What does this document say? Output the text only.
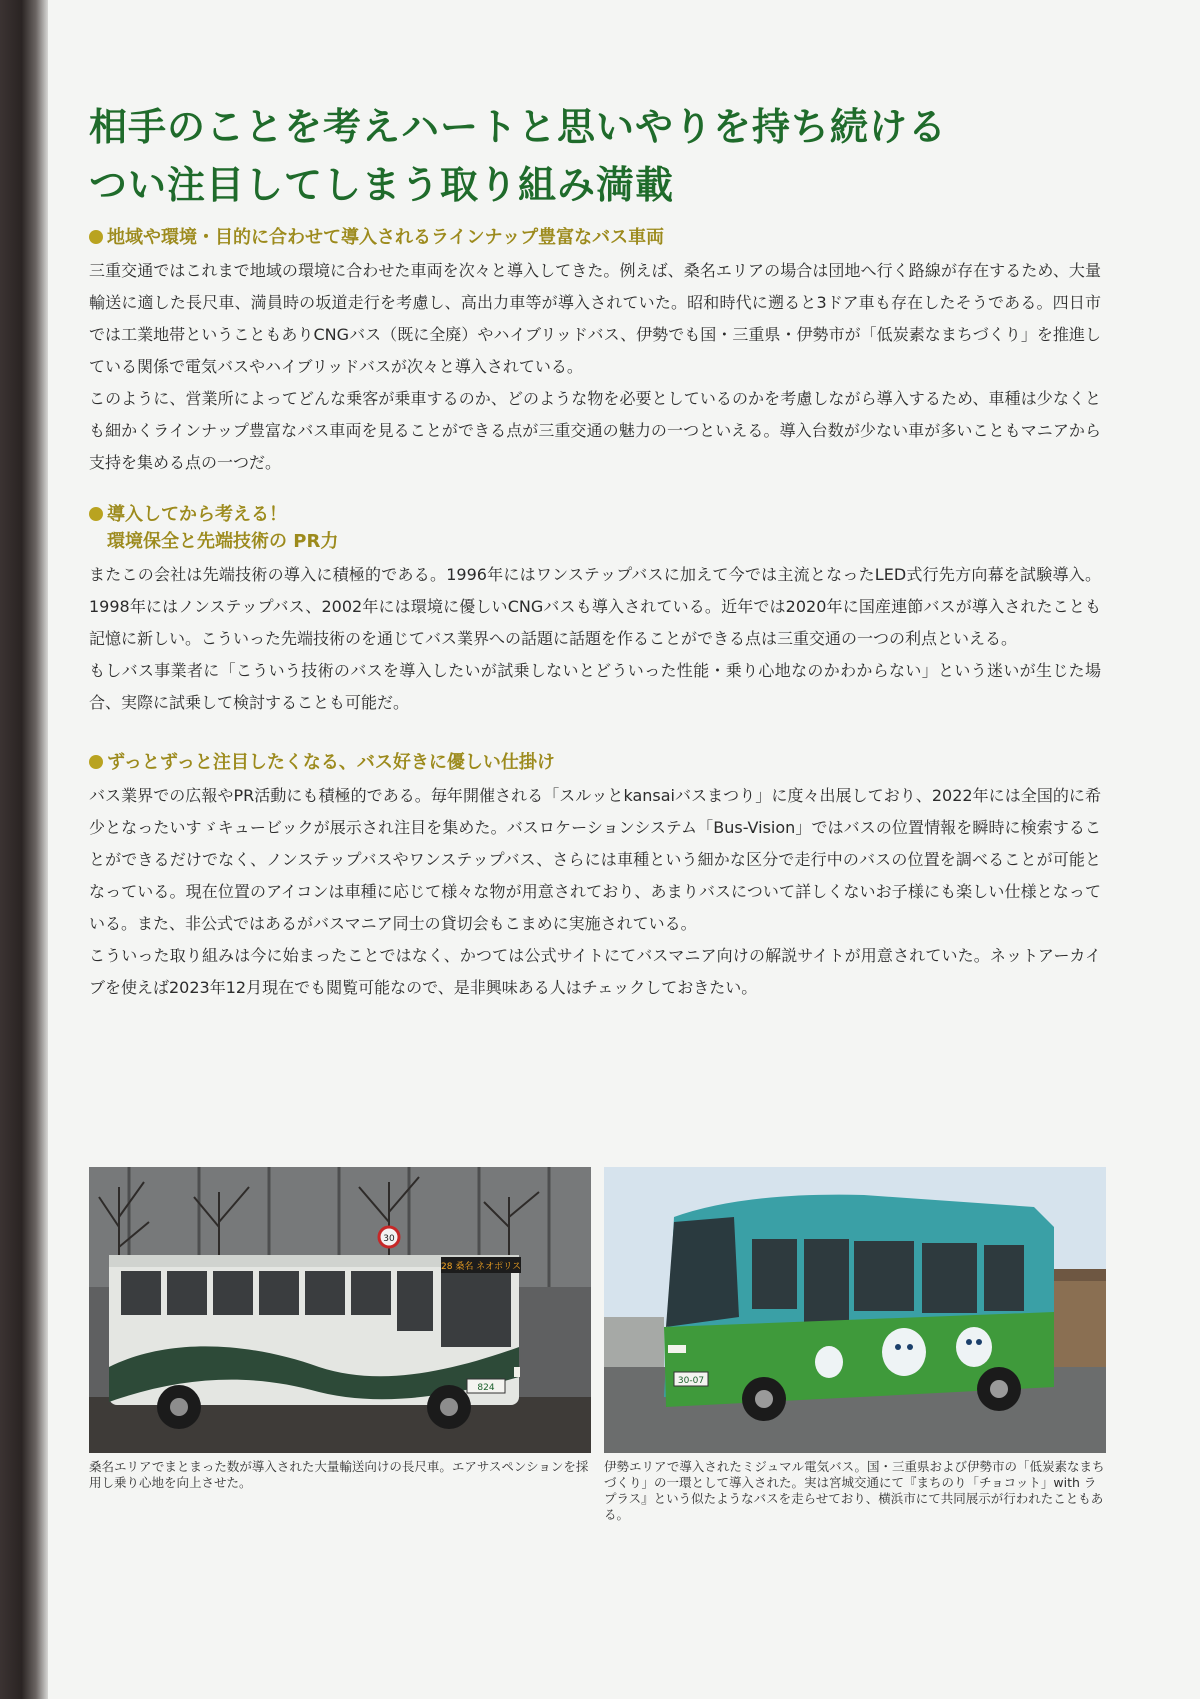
相手のことを考えハートと思いやりを持ち続ける
つい注目してしまう取り組み満載
地域や環境・目的に合わせて導入されるラインナップ豊富なバス車両

三重交通ではこれまで地域の環境に合わせた車両を次々と導入してきた。例えば、桑名エリアの場合は団地へ行く路線が存在するため、大量輸送に適した長尺車、満員時の坂道走行を考慮し、高出力車等が導入されていた。昭和時代に遡ると3ドア車も存在したそうである。四日市では工業地帯ということもありCNGバス（既に全廃）やハイブリッドバス、伊勢でも国・三重県・伊勢市が「低炭素なまちづくり」を推進している関係で電気バスやハイブリッドバスが次々と導入されている。

このように、営業所によってどんな乗客が乗車するのか、どのような物を必要としているのかを考慮しながら導入するため、車種は少なくとも細かくラインナップ豊富なバス車両を見ることができる点が三重交通の魅力の一つといえる。導入台数が少ない車が多いこともマニアから支持を集める点の一つだ。

導入してから考える！
環境保全と先端技術の PR力

またこの会社は先端技術の導入に積極的である。1996年にはワンステップバスに加えて今では主流となったLED式行先方向幕を試験導入。1998年にはノンステップバス、2002年には環境に優しいCNGバスも導入されている。近年では2020年に国産連節バスが導入されたことも記憶に新しい。こういった先端技術のを通じてバス業界への話題に話題を作ることができる点は三重交通の一つの利点といえる。

もしバス事業者に「こういう技術のバスを導入したいが試乗しないとどういった性能・乗り心地なのかわからない」という迷いが生じた場合、実際に試乗して検討することも可能だ。

ずっとずっと注目したくなる、バス好きに優しい仕掛け

バス業界での広報やPR活動にも積極的である。毎年開催される「スルッとkansaiバスまつり」に度々出展しており、2022年には全国的に希少となったいすゞキュービックが展示され注目を集めた。バスロケーションシステム「Bus-Vision」ではバスの位置情報を瞬時に検索することができるだけでなく、ノンステップバスやワンステップバス、さらには車種という細かな区分で走行中のバスの位置を調べることが可能となっている。現在位置のアイコンは車種に応じて様々な物が用意されており、あまりバスについて詳しくないお子様にも楽しい仕様となっている。また、非公式ではあるがバスマニア同士の貸切会もこまめに実施されている。

こういった取り組みは今に始まったことではなく、かつては公式サイトにてバスマニア向けの解説サイトが用意されていた。ネットアーカイブを使えば2023年12月現在でも閲覧可能なので、是非興味ある人はチェックしておきたい。

30
28 桑名 ネオポリス
824

桑名エリアでまとまった数が導入された大量輸送向けの長尺車。エアサスペンションを採用し乗り心地を向上させた。

30-07

伊勢エリアで導入されたミジュマル電気バス。国・三重県および伊勢市の「低炭素なまちづくり」の一環として導入された。実は宮城交通にて『まちのり「チョコット」with ラプラス』という似たようなバスを走らせており、横浜市にて共同展示が行われたこともある。
